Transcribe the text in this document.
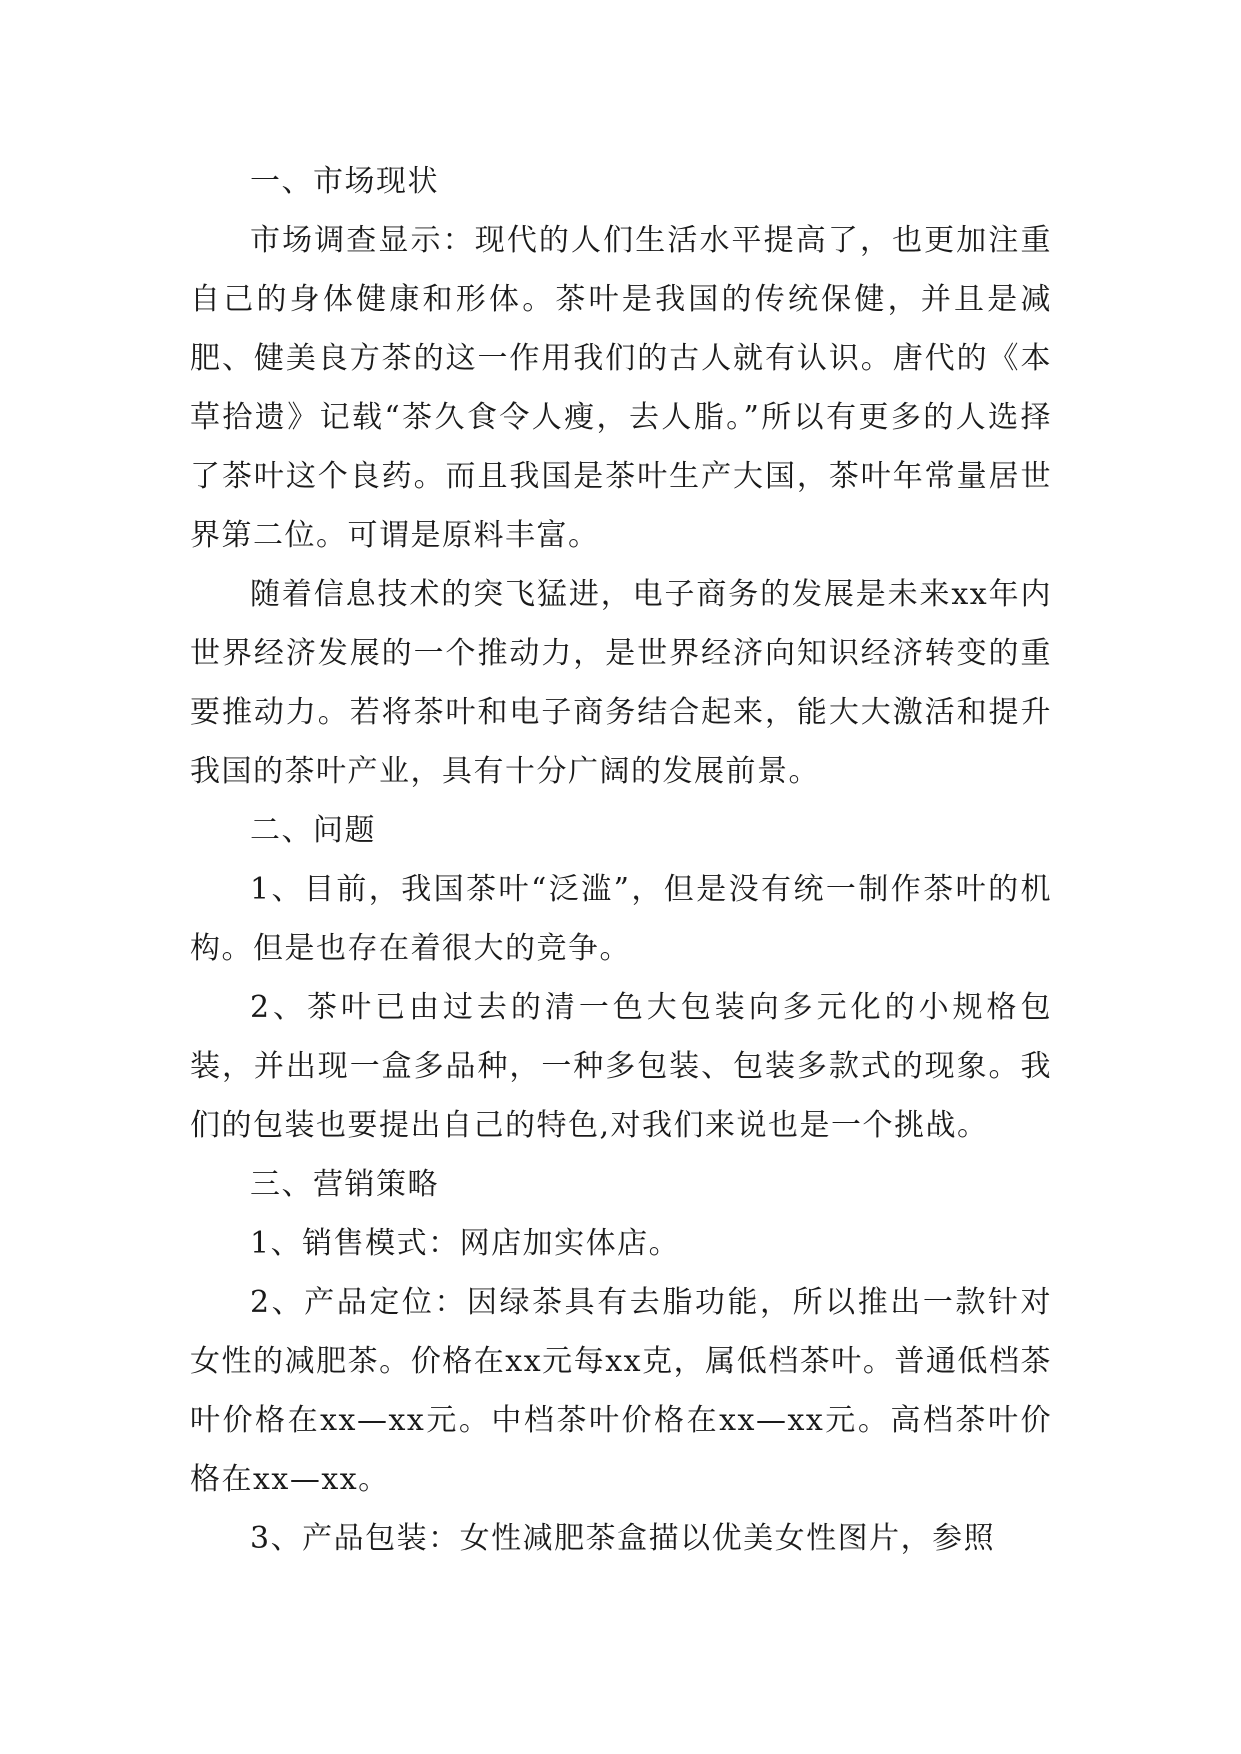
一、市场现状

市场调查显示：现代的人们生活水平提高了，也更加注重自己的身体健康和形体。茶叶是我国的传统保健，并且是减肥、健美良方茶的这一作用我们的古人就有认识。唐代的《本草拾遗》记载“茶久食令人瘦，去人脂。”所以有更多的人选择了茶叶这个良药。而且我国是茶叶生产大国，茶叶年常量居世界第二位。可谓是原料丰富。

随着信息技术的突飞猛进，电子商务的发展是未来xx年内世界经济发展的一个推动力，是世界经济向知识经济转变的重要推动力。若将茶叶和电子商务结合起来，能大大激活和提升我国的茶叶产业，具有十分广阔的发展前景。

二、问题

1、目前，我国茶叶“泛滥”，但是没有统一制作茶叶的机构。但是也存在着很大的竞争。

2、茶叶已由过去的清一色大包装向多元化的小规格包装，并出现一盒多品种，一种多包装、包装多款式的现象。我们的包装也要提出自己的特色,对我们来说也是一个挑战。

三、营销策略

1、销售模式：网店加实体店。

2、产品定位：因绿茶具有去脂功能，所以推出一款针对女性的减肥茶。价格在xx元每xx克，属低档茶叶。普通低档茶叶价格在xx—xx元。中档茶叶价格在xx—xx元。高档茶叶价格在xx—xx。

3、产品包装：女性减肥茶盒描以优美女性图片，参照
